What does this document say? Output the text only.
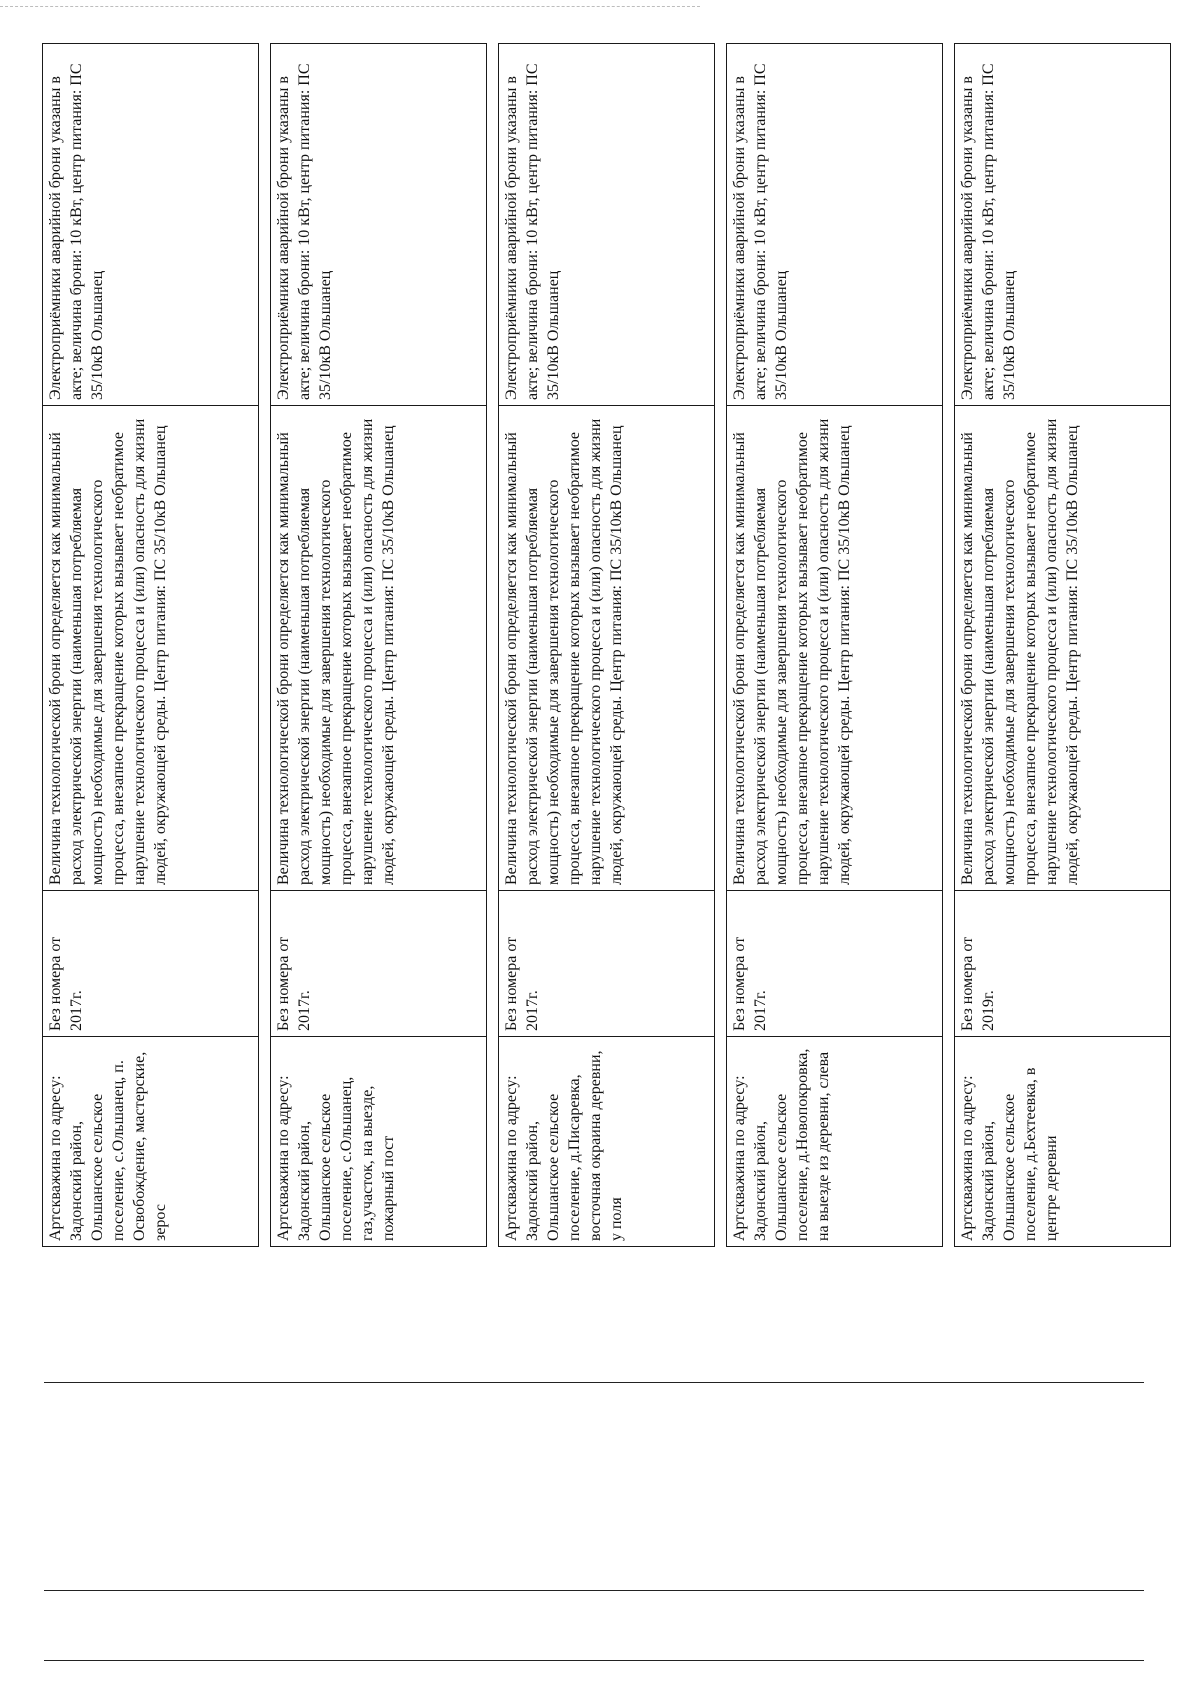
Артскважина по адресу: Задонский район, Ольшанское сельское поселение, с.Ольшанец, п. Освобождение, мастерские, зерос	Без номера от 2017г.	Величина технологической брони определяется как минимальный расход электрической энергии (наименьшая потребляемая мощность) необходимые для завершения технологического процесса, внезапное прекращение которых вызывает необратимое нарушение технологического процесса и (или) опасность для жизни людей, окружающей среды. Центр питания: ПС 35/10кВ Ольшанец	Электроприёмники аварийной брони указаны в акте; величина брони: 10 кВт, центр питания: ПС 35/10кВ Ольшанец

Артскважина по адресу: Задонский район, Ольшанское сельское поселение, с.Ольшанец, газ,участок, на выезде, пожарный пост	Без номера от 2017г.	Величина технологической брони определяется как минимальный расход электрической энергии (наименьшая потребляемая мощность) необходимые для завершения технологического процесса, внезапное прекращение которых вызывает необратимое нарушение технологического процесса и (или) опасность для жизни людей, окружающей среды. Центр питания: ПС 35/10кВ Ольшанец	Электроприёмники аварийной брони указаны в акте; величина брони: 10 кВт, центр питания: ПС 35/10кВ Ольшанец

Артскважина по адресу: Задонский район, Ольшанское сельское поселение, д.Писаревка, восточная окраина деревни, у поля	Без номера от 2017г.	Величина технологической брони определяется как минимальный расход электрической энергии (наименьшая потребляемая мощность) необходимые для завершения технологического процесса, внезапное прекращение которых вызывает необратимое нарушение технологического процесса и (или) опасность для жизни людей, окружающей среды. Центр питания: ПС 35/10кВ Ольшанец	Электроприёмники аварийной брони указаны в акте; величина брони: 10 кВт, центр питания: ПС 35/10кВ Ольшанец

Артскважина по адресу: Задонский район, Ольшанское сельское поселение, д.Новопокровка, на выезде из деревни, слева	Без номера от 2017г.	Величина технологической брони определяется как минимальный расход электрической энергии (наименьшая потребляемая мощность) необходимые для завершения технологического процесса, внезапное прекращение которых вызывает необратимое нарушение технологического процесса и (или) опасность для жизни людей, окружающей среды. Центр питания: ПС 35/10кВ Ольшанец	Электроприёмники аварийной брони указаны в акте; величина брони: 10 кВт, центр питания: ПС 35/10кВ Ольшанец

Артскважина по адресу: Задонский район, Ольшанское сельское поселение, д.Бехтеевка, в центре деревни	Без номера от 2019г.	Величина технологической брони определяется как минимальный расход электрической энергии (наименьшая потребляемая мощность) необходимые для завершения технологического процесса, внезапное прекращение которых вызывает необратимое нарушение технологического процесса и (или) опасность для жизни людей, окружающей среды. Центр питания: ПС 35/10кВ Ольшанец	Электроприёмники аварийной брони указаны в акте; величина брони: 10 кВт, центр питания: ПС 35/10кВ Ольшанец
